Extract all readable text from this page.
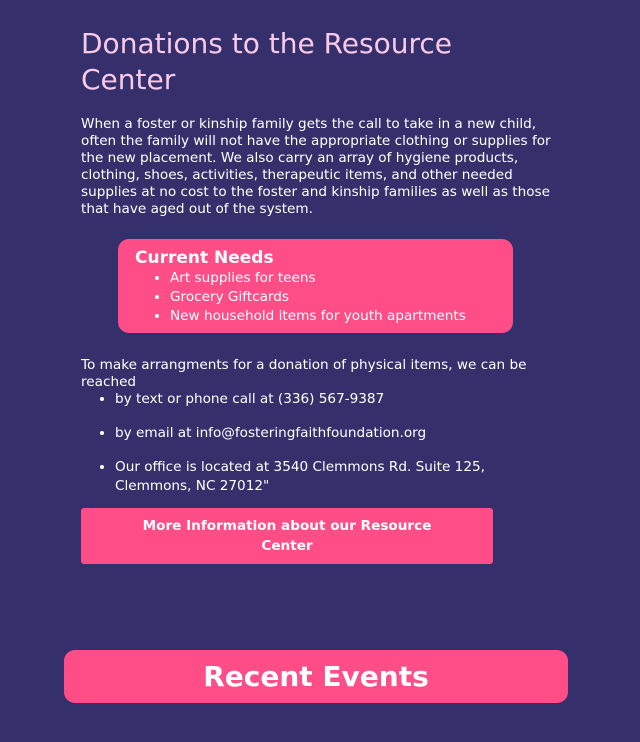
Donations to the Resource Center

When a foster or kinship family gets the call to take in a new child, often the family will not have the appropriate clothing or supplies for the new placement. We also carry an array of hygiene products, clothing, shoes, activities, therapeutic items, and other needed supplies at no cost to the foster and kinship families as well as those that have aged out of the system.

Current Needs
• Art supplies for teens
• Grocery Giftcards
• New household items for youth apartments

To make arrangments for a donation of physical items, we can be reached

• by text or phone call at (336) 567-9387
• by email at info@fosteringfaithfoundation.org
• Our office is located at 3540 Clemmons Rd. Suite 125, Clemmons, NC 27012"
More Information about our Resource Center
Recent Events
